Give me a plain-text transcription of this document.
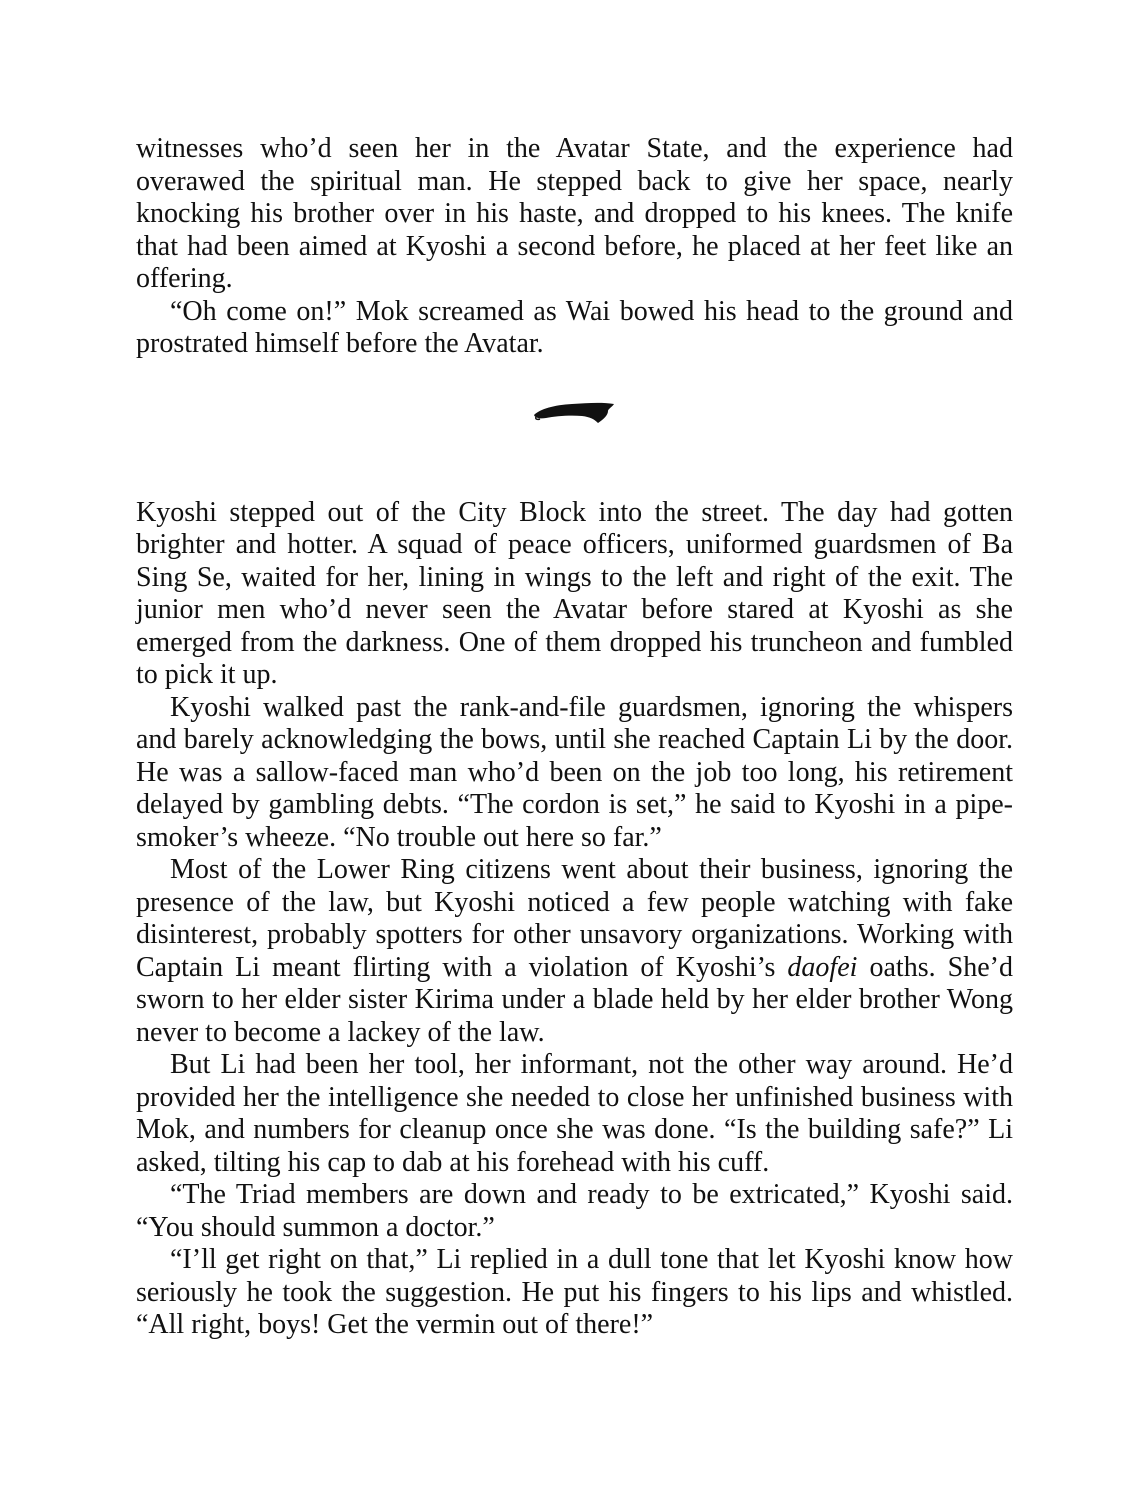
witnesses who’d seen her in the Avatar State, and the experience had overawed the spiritual man. He stepped back to give her space, nearly knocking his brother over in his haste, and dropped to his knees. The knife that had been aimed at Kyoshi a second before, he placed at her feet like an offering.

“Oh come on!” Mok screamed as Wai bowed his head to the ground and prostrated himself before the Avatar.

Kyoshi stepped out of the City Block into the street. The day had gotten brighter and hotter. A squad of peace officers, uniformed guardsmen of Ba Sing Se, waited for her, lining in wings to the left and right of the exit. The junior men who’d never seen the Avatar before stared at Kyoshi as she emerged from the darkness. One of them dropped his truncheon and fumbled to pick it up.

Kyoshi walked past the rank-and-file guardsmen, ignoring the whispers and barely acknowledging the bows, until she reached Captain Li by the door. He was a sallow-faced man who’d been on the job too long, his retirement delayed by gambling debts. “The cordon is set,” he said to Kyoshi in a pipe-smoker’s wheeze. “No trouble out here so far.”

Most of the Lower Ring citizens went about their business, ignoring the presence of the law, but Kyoshi noticed a few people watching with fake disinterest, probably spotters for other unsavory organizations. Working with Captain Li meant flirting with a violation of Kyoshi’s daofei oaths. She’d sworn to her elder sister Kirima under a blade held by her elder brother Wong never to become a lackey of the law.

But Li had been her tool, her informant, not the other way around. He’d provided her the intelligence she needed to close her unfinished business with Mok, and numbers for cleanup once she was done. “Is the building safe?” Li asked, tilting his cap to dab at his forehead with his cuff.

“The Triad members are down and ready to be extricated,” Kyoshi said. “You should summon a doctor.”

“I’ll get right on that,” Li replied in a dull tone that let Kyoshi know how seriously he took the suggestion. He put his fingers to his lips and whistled. “All right, boys! Get the vermin out of there!”
